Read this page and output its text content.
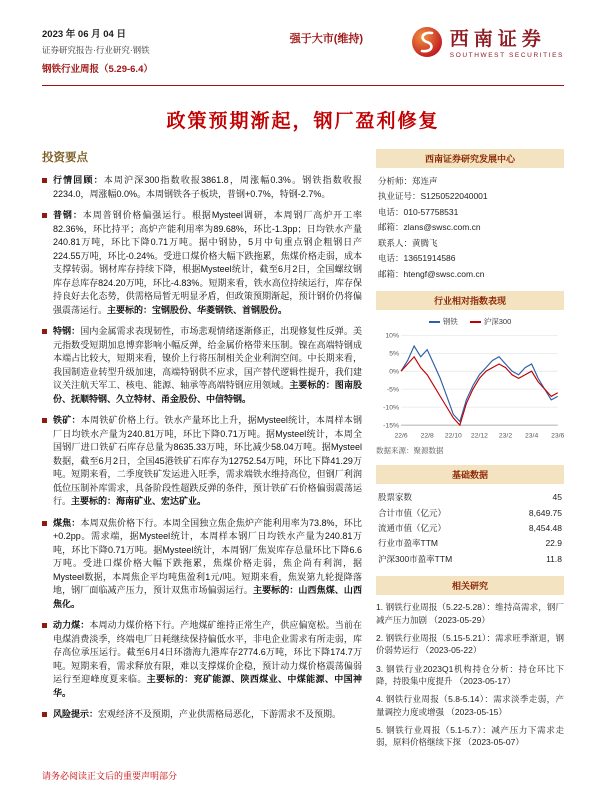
2023 年 06 月 04 日
证券研究报告·行业研究·钢铁
钢铁行业周报（5.29-6.4）
强于大市(维持)	西南证券
SOUTHWEST SECURITIES
政策预期渐起，钢厂盈利修复
投资要点
行情回顾：本周沪深300指数收报3861.8，周涨幅0.3%。钢铁指数收报2234.0，周涨幅0.0%。本周钢铁各子板块，普钢+0.7%，特钢-2.7%。
普钢：本周普钢价格偏强运行。根据Mysteel调研，本周钢厂高炉开工率82.36%，环比持平；高炉产能利用率为89.68%，环比-1.3pp；日均铁水产量240.81万吨，环比下降0.71万吨。据中钢协，5月中旬重点钢企粗钢日产224.55万吨，环比-0.24%。受进口煤价格大幅下跌拖累，焦煤价格走弱，成本支撑转弱。钢材库存持续下降，根据Mysteel统计，截至6月2日，全国螺纹钢库存总库存824.20万吨，环比-4.83%。短期来看，铁水高位持续运行，库存保持良好去化态势，供需格局暂无明显矛盾，但政策预期渐起，预计钢价仍将偏强震荡运行。主要标的：宝钢股份、华菱钢铁、首钢股份。
特钢：国内金属需求表现韧性，市场悲观情绪逐渐修正，出现修复性反弹。美元指数受短期加息博弈影响小幅反弹，给金属价格带来压制。镍在高端特钢成本端占比较大，短期来看，镍价上行将压制相关企业利润空间。中长期来看，我国制造业转型升级加速，高端特钢供不应求，国产替代逻辑性提升，我们建议关注航天军工、核电、能源、轴承等高端特钢应用领域。主要标的：图南股份、抚顺特钢、久立特材、甬金股份、中信特钢。
铁矿：本周铁矿价格上行。铁水产量环比上升，据Mysteel统计，本周样本钢厂日均铁水产量为240.81万吨，环比下降0.71万吨。据Mysteel统计，本周全国钢厂进口铁矿石库存总量为8635.33万吨，环比减少58.04万吨。据Mysteel数据，截至6月2日，全国45港铁矿石库存为12752.54万吨，环比下降41.29万吨。短期来看，二季度铁矿发运进入旺季，需求端铁水维持高位，但钢厂利润低位压制补库需求，具备阶段性超跌反弹的条件，预计铁矿石价格偏弱震荡运行。主要标的：海南矿业、宏达矿业。
煤焦：本周双焦价格下行。本周全国独立焦企焦炉产能利用率为73.8%，环比+0.2pp。需求端，据Mysteel统计，本周样本钢厂日均铁水产量为240.81万吨，环比下降0.71万吨。据Mysteel统计，本周钢厂焦炭库存总量环比下降6.6万吨。受进口煤价格大幅下跌拖累，焦煤价格走弱，焦企尚有利润，据Mysteel数据，本周焦企平均吨焦盈利1元/吨。短期来看，焦炭第九轮提降落地，钢厂面临减产压力，预计双焦市场偏弱运行。主要标的：山西焦煤、山西焦化。
动力煤：本周动力煤价格下行。产地煤矿维持正常生产，供应偏宽松。当前在电煤消费淡季，终端电厂日耗继续保持偏低水平，非电企业需求有所走弱，库存高位承压运行。截至6月4日环渤海九港库存2774.6万吨，环比下降174.7万吨。短期来看，需求释放有限，难以支撑煤价企稳，预计动力煤价格震荡偏弱运行至迎峰度夏来临。主要标的：兖矿能源、陕西煤业、中煤能源、中国神华。
风险提示：宏观经济不及预期，产业供需格局恶化，下游需求不及预期。
西南证券研究发展中心
分析师： 郑连声
执业证号： S1250522040001
电话： 010-57758531
邮箱： zlans@swsc.com.cn
联系人： 黄腾飞
电话： 13651914586
邮箱： htengf@swsc.com.cn
行业相对指数表现
钢铁	沪深300
10%
5%
0%
-5%
-10%
-15%
22/6 22/8 22/10 22/12 23/2 23/4 23/6
数据来源：聚源数据
基础数据
股票家数	45
合计市值（亿元）	8,649.75
流通市值（亿元）	8,454.48
行业市盈率TTM	22.9
沪深300市盈率TTM	11.8
相关研究
1. 钢铁行业周报（5.22-5.28）：维持高需求，钢厂减产压力加剧 （2023-05-29）
2. 钢铁行业周报（5.15-5.21）：需求旺季渐退，钢价弱势运行 （2023-05-22）
3. 钢铁行业2023Q1机构持仓分析：持仓环比下降，持股集中度提升 （2023-05-17）
4. 钢铁行业周报（5.8-5.14）：需求淡季走弱，产量调控力度或增强 （2023-05-15）
5. 钢铁行业周报（5.1-5.7）：减产压力下需求走弱，原料价格继续下探 （2023-05-07）
请务必阅读正文后的重要声明部分
